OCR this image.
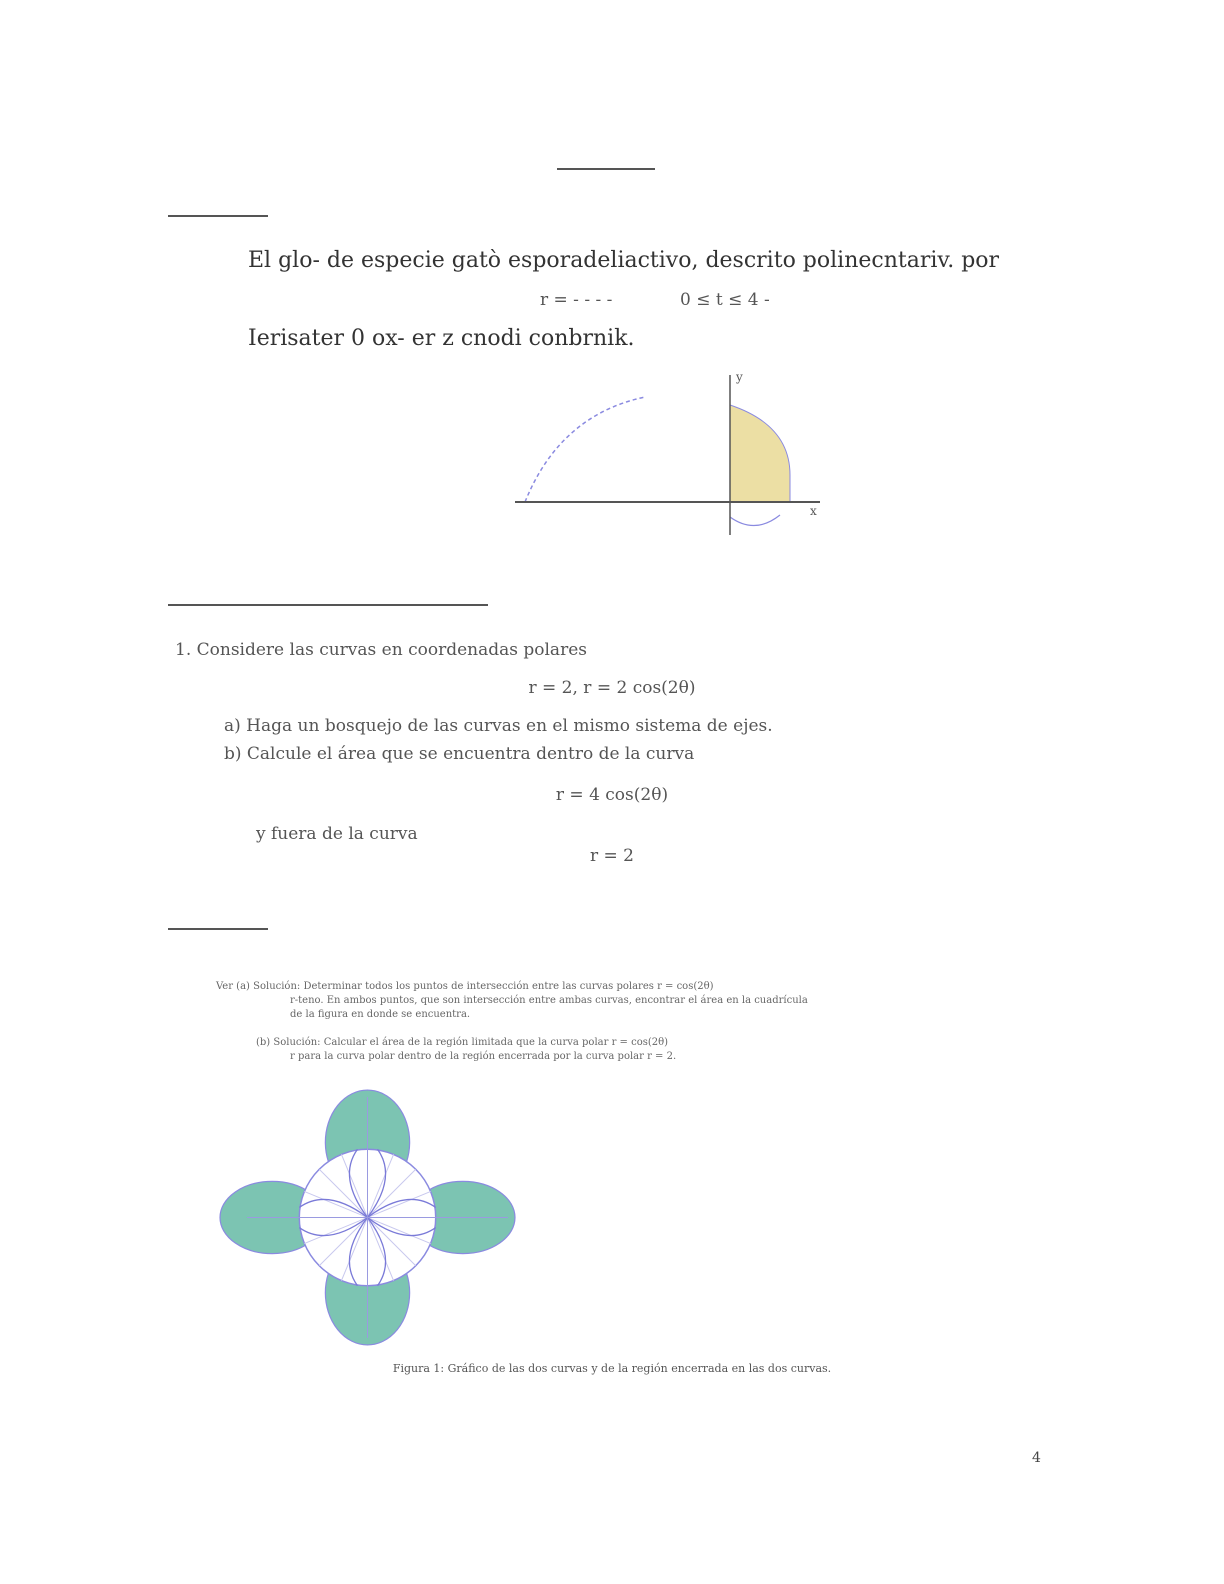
El glo- de especie gatò esporadeliactivo, descrito polinecntariv. por
r = - - - -	0 ≤ t ≤ 4 -
Ierisater 0 ox- er z cnodi conbrnik.
x
y
1. Considere las curvas en coordenadas polares
r = 2, r = 2 cos(2θ)
a) Haga un bosquejo de las curvas en el mismo sistema de ejes.
b) Calcule el área que se encuentra dentro de la curva
r = 4 cos(2θ)
y fuera de la curva
r = 2
Ver (a) Solución: Determinar todos los puntos de intersección entre las curvas polares r = cos(2θ)
r-teno. En ambos puntos, que son intersección entre ambas curvas, encontrar el área en la cuadrícula
de la figura en donde se encuentra.
(b) Solución: Calcular el área de la región limitada que la curva polar r = cos(2θ)
r para la curva polar dentro de la región encerrada por la curva polar r = 2.
Figura 1: Gráfico de las dos curvas y de la región encerrada en las dos curvas.
4
